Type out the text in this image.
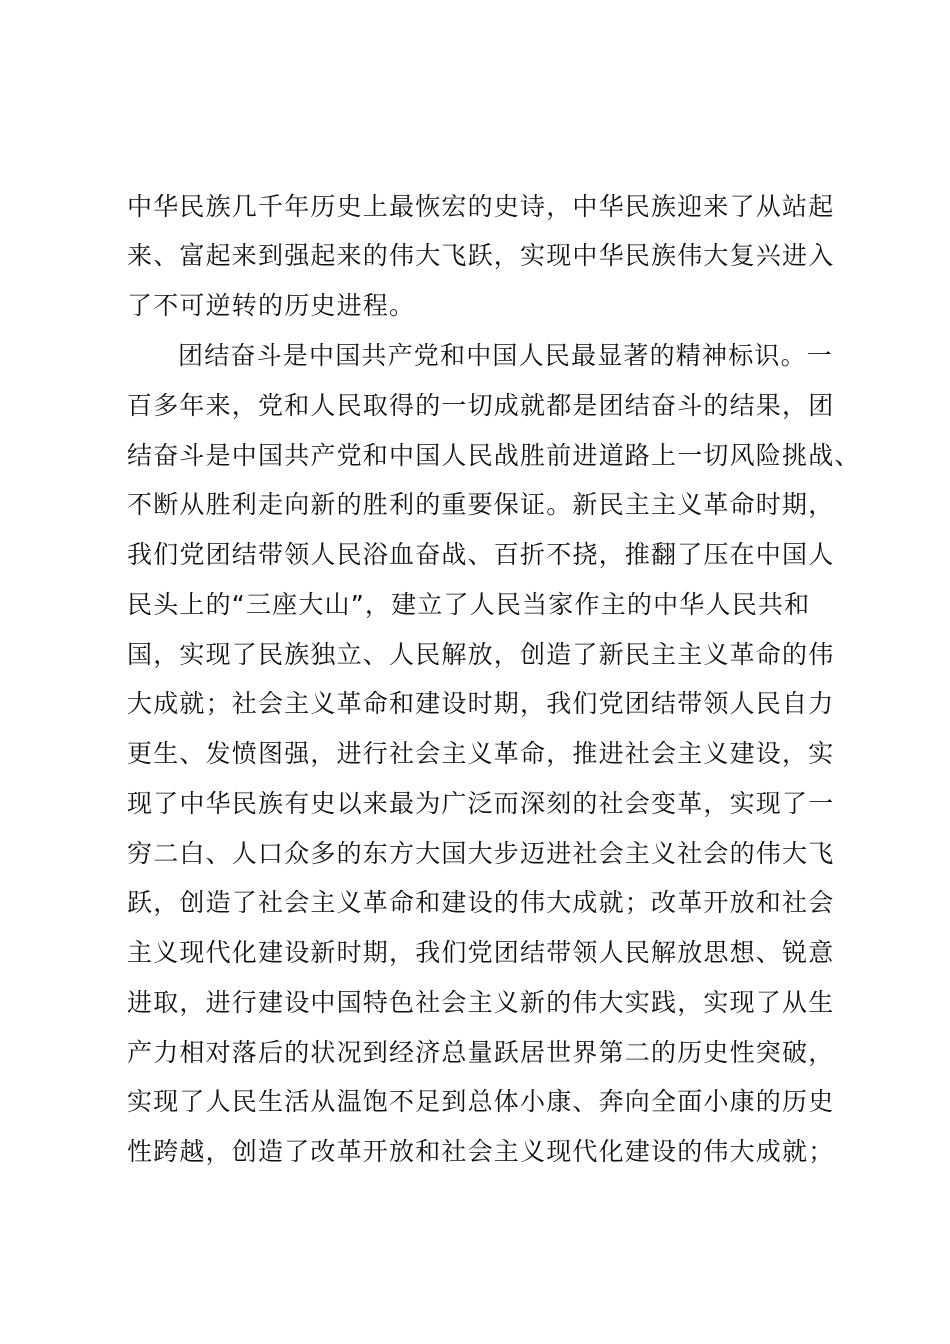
中华民族几千年历史上最恢宏的史诗，中华民族迎来了从站起
来、富起来到强起来的伟大飞跃，实现中华民族伟大复兴进入
了不可逆转的历史进程。
团结奋斗是中国共产党和中国人民最显著的精神标识。一
百多年来，党和人民取得的一切成就都是团结奋斗的结果，团
结奋斗是中国共产党和中国人民战胜前进道路上一切风险挑战、
不断从胜利走向新的胜利的重要保证。新民主主义革命时期，
我们党团结带领人民浴血奋战、百折不挠，推翻了压在中国人
民头上的“三座大山”，建立了人民当家作主的中华人民共和
国，实现了民族独立、人民解放，创造了新民主主义革命的伟
大成就；社会主义革命和建设时期，我们党团结带领人民自力
更生、发愤图强，进行社会主义革命，推进社会主义建设，实
现了中华民族有史以来最为广泛而深刻的社会变革，实现了一
穷二白、人口众多的东方大国大步迈进社会主义社会的伟大飞
跃，创造了社会主义革命和建设的伟大成就；改革开放和社会
主义现代化建设新时期，我们党团结带领人民解放思想、锐意
进取，进行建设中国特色社会主义新的伟大实践，实现了从生
产力相对落后的状况到经济总量跃居世界第二的历史性突破，
实现了人民生活从温饱不足到总体小康、奔向全面小康的历史
性跨越，创造了改革开放和社会主义现代化建设的伟大成就；
